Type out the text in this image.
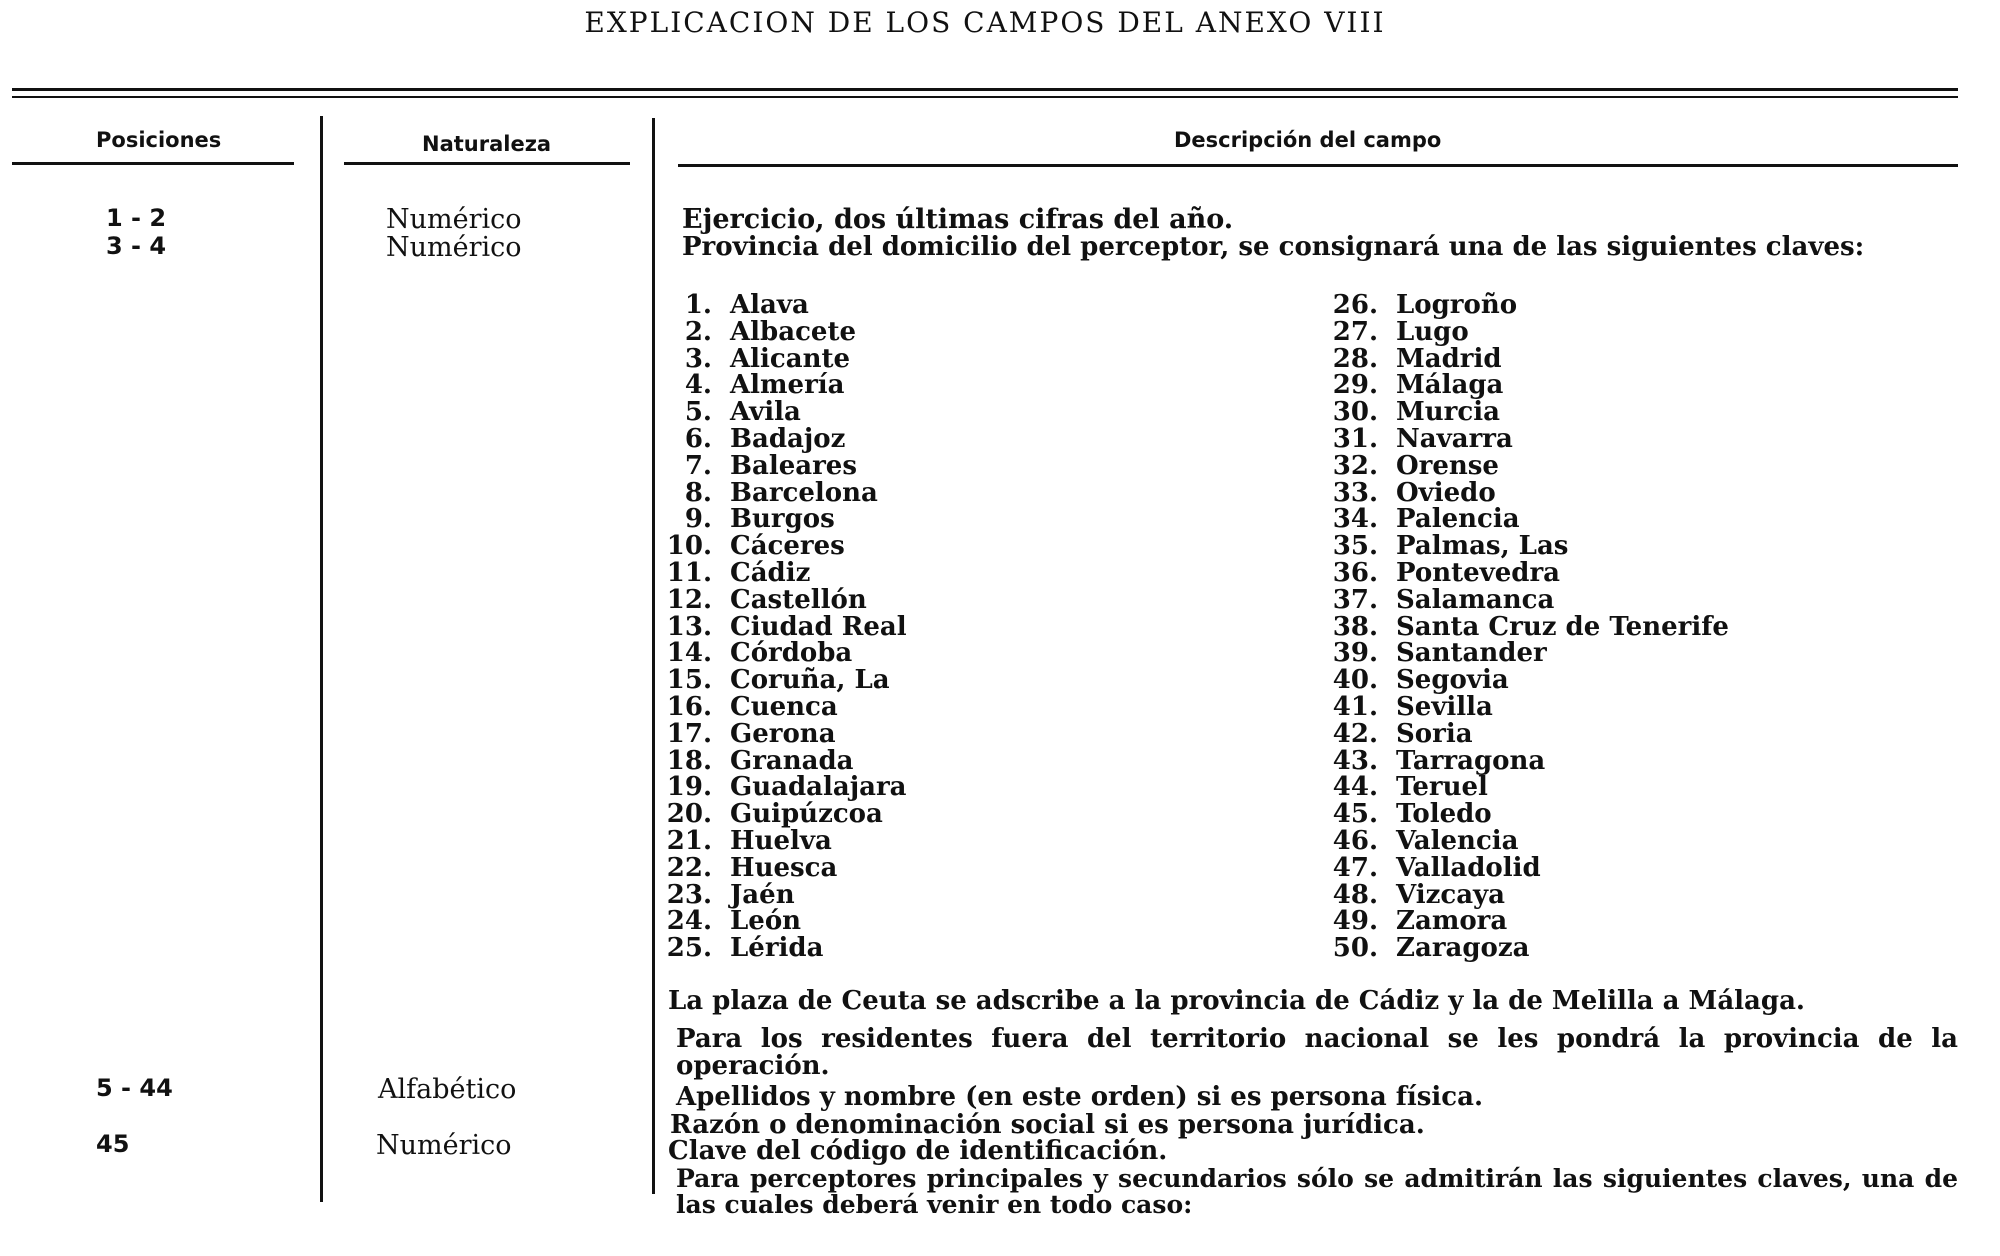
EXPLICACION DE LOS CAMPOS DEL ANEXO VIII
Posiciones	Naturaleza	Descripción del campo
1 - 2	Numérico	Ejercicio, dos últimas cifras del año.
3 - 4	Numérico	Provincia del domicilio del perceptor, se consignará una de las siguientes claves:
1. Alava
2. Albacete
3. Alicante
4. Almería
5. Avila
6. Badajoz
7. Baleares
8. Barcelona
9. Burgos
10. Cáceres
11. Cádiz
12. Castellón
13. Ciudad Real
14. Córdoba
15. Coruña, La
16. Cuenca
17. Gerona
18. Granada
19. Guadalajara
20. Guipúzcoa
21. Huelva
22. Huesca
23. Jaén
24. León
25. Lérida
26. Logroño
27. Lugo
28. Madrid
29. Málaga
30. Murcia
31. Navarra
32. Orense
33. Oviedo
34. Palencia
35. Palmas, Las
36. Pontevedra
37. Salamanca
38. Santa Cruz de Tenerife
39. Santander
40. Segovia
41. Sevilla
42. Soria
43. Tarragona
44. Teruel
45. Toledo
46. Valencia
47. Valladolid
48. Vizcaya
49. Zamora
50. Zaragoza
La plaza de Ceuta se adscribe a la provincia de Cádiz y la de Melilla a Málaga.
Para los residentes fuera del territorio nacional se les pondrá la provincia de la operación.
5 - 44	Alfabético	Apellidos y nombre (en este orden) si es persona física.
Razón o denominación social si es persona jurídica.
45	Numérico	Clave del código de identificación.
Para perceptores principales y secundarios sólo se admitirán las siguientes claves, una de las cuales deberá venir en todo caso:
